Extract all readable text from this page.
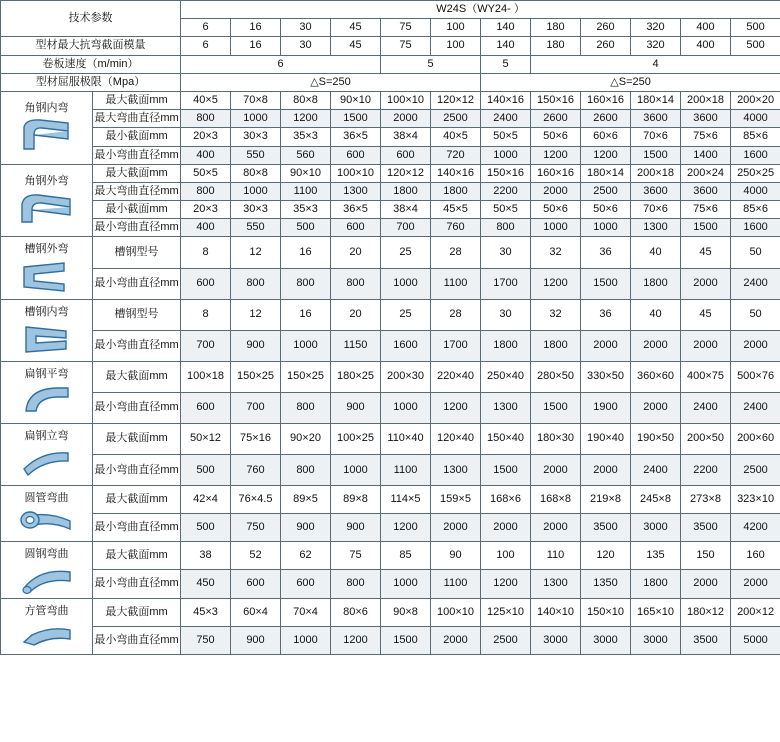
技术参数		W24S（WY24- ）											
		6	16	30	45	75	100	140	180	260	320	400	500
型材最大抗弯截面模量		6	16	30	45	75	100	140	180	260	320	400	500
卷板速度（m/min）		6				5		5	4				
型材屈服极限（Mpa）		△S=250						△S=250					

角钢内弯	最大截面mm	40×5	70×8	80×8	90×10	100×10	120×12	140×16	150×16	160×16	180×14	200×18	200×20
	最大弯曲直径mm	800	1000	1200	1500	2000	2500	2400	2600	2600	3600	3600	4000
	最小截面mm	20×3	30×3	35×3	36×5	38×4	40×5	50×5	50×6	60×6	70×6	75×6	85×6
	最小弯曲直径mm	400	550	560	600	600	720	1000	1200	1200	1500	1400	1600

角钢外弯	最大截面mm	50×5	80×8	90×10	100×10	120×12	140×16	150×16	160×16	180×14	200×18	200×24	250×25
	最大弯曲直径mm	800	1000	1100	1300	1800	1800	2200	2000	2500	3600	3600	4000
	最小截面mm	20×3	30×3	35×3	36×5	38×4	45×5	50×5	50×6	50×6	70×6	75×6	85×6
	最小弯曲直径mm	400	550	500	600	700	760	800	1000	1000	1300	1500	1600

槽钢外弯	槽钢型号	8	12	16	20	25	28	30	32	36	40	45	50
	最小弯曲直径mm	600	800	800	800	1000	1100	1700	1200	1500	1800	2000	2400

槽钢内弯	槽钢型号	8	12	16	20	25	28	30	32	36	40	45	50
	最小弯曲直径mm	700	900	1000	1150	1600	1700	1800	1800	2000	2000	2000	2000

扁钢平弯	最大截面mm	100×18	150×25	150×25	180×25	200×30	220×40	250×40	280×50	330×50	360×60	400×75	500×76
	最小弯曲直径mm	600	700	800	900	1000	1200	1300	1500	1900	2000	2400	2400

扁钢立弯	最大截面mm	50×12	75×16	90×20	100×25	110×40	120×40	150×40	180×30	190×40	190×50	200×50	200×60
	最小弯曲直径mm	500	760	800	1000	1100	1300	1500	2000	2000	2400	2200	2500

圆管弯曲	最大截面mm	42×4	76×4.5	89×5	89×8	114×5	159×5	168×6	168×8	219×8	245×8	273×8	323×10
	最小弯曲直径mm	500	750	900	900	1200	2000	2000	2000	3500	3000	3500	4200

圆钢弯曲	最大截面mm	38	52	62	75	85	90	100	110	120	135	150	160
	最小弯曲直径mm	450	600	600	800	1000	1100	1200	1300	1350	1800	2000	2000

方管弯曲	最大截面mm	45×3	60×4	70×4	80×6	90×8	100×10	125×10	140×10	150×10	165×10	180×12	200×12
	最小弯曲直径mm	750	900	1000	1200	1500	2000	2500	3000	3000	3000	3500	5000
